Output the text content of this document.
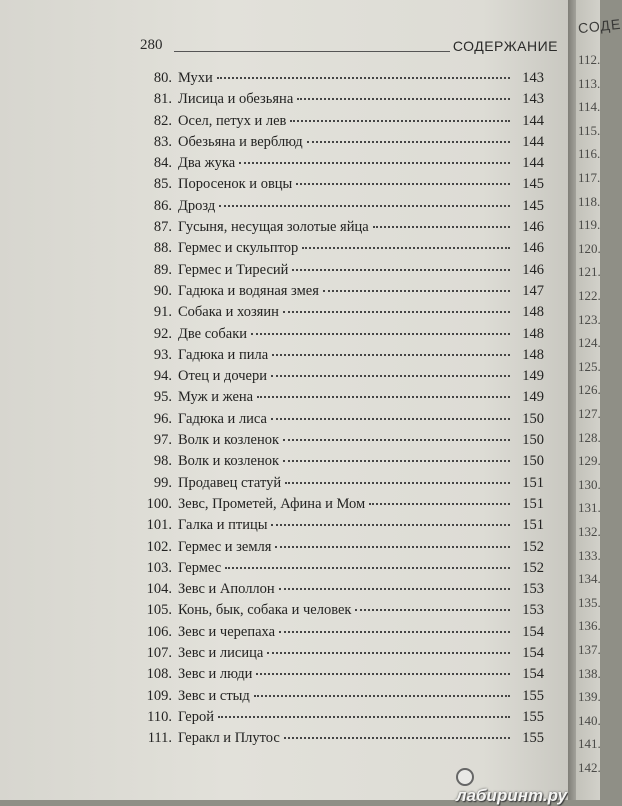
280	СОДЕРЖАНИЕ
80. Мухи	143
81. Лисица и обезьяна	143
82. Осел, петух и лев	144
83. Обезьяна и верблюд	144
84. Два жука	144
85. Поросенок и овцы	145
86. Дрозд	145
87. Гусыня, несущая золотые яйца	146
88. Гермес и скульптор	146
89. Гермес и Тиресий	146
90. Гадюка и водяная змея	147
91. Собака и хозяин	148
92. Две собаки	148
93. Гадюка и пила	148
94. Отец и дочери	149
95. Муж и жена	149
96. Гадюка и лиса	150
97. Волк и козленок	150
98. Волк и козленок	150
99. Продавец статуй	151
100. Зевс, Прометей, Афина и Мом	151
101. Галка и птицы	151
102. Гермес и земля	152
103. Гермес	152
104. Зевс и Аполлон	153
105. Конь, бык, собака и человек	153
106. Зевс и черепаха	154
107. Зевс и лисица	154
108. Зевс и люди	154
109. Зевс и стыд	155
110. Герой	155
111. Геракл и Плутос	155
лабиринт.ру
СОДЕ
112.
113.
114.
115.
116.
117.
118.
119.
120.
121.
122.
123.
124.
125.
126.
127.
128.
129.
130.
131.
132.
133.
134.
135.
136.
137.
138.
139.
140.
141.
142.
